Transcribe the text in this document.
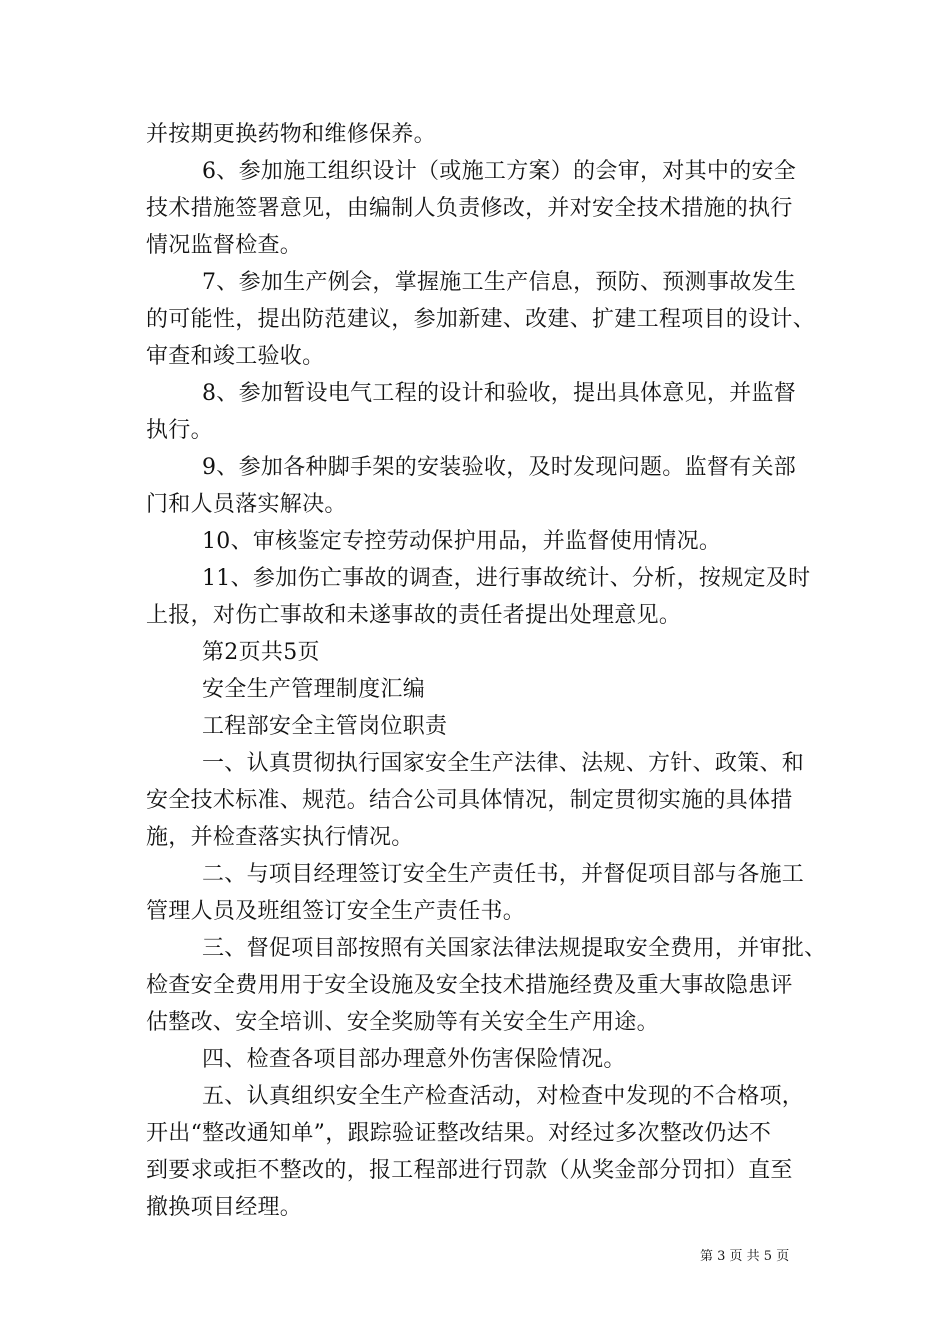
并按期更换药物和维修保养。
6、参加施工组织设计（或施工方案）的会审，对其中的安全
技术措施签署意见，由编制人负责修改，并对安全技术措施的执行
情况监督检查。
7、参加生产例会，掌握施工生产信息，预防、预测事故发生
的可能性，提出防范建议，参加新建、改建、扩建工程项目的设计、
审查和竣工验收。
8、参加暂设电气工程的设计和验收，提出具体意见，并监督
执行。
9、参加各种脚手架的安装验收，及时发现问题。监督有关部
门和人员落实解决。
10、审核鉴定专控劳动保护用品，并监督使用情况。
11、参加伤亡事故的调查，进行事故统计、分析，按规定及时
上报，对伤亡事故和未遂事故的责任者提出处理意见。
第2页共5页
安全生产管理制度汇编
工程部安全主管岗位职责
一、认真贯彻执行国家安全生产法律、法规、方针、政策、和
安全技术标准、规范。结合公司具体情况，制定贯彻实施的具体措
施，并检查落实执行情况。
二、与项目经理签订安全生产责任书，并督促项目部与各施工
管理人员及班组签订安全生产责任书。
三、督促项目部按照有关国家法律法规提取安全费用，并审批、
检查安全费用用于安全设施及安全技术措施经费及重大事故隐患评
估整改、安全培训、安全奖励等有关安全生产用途。
四、检查各项目部办理意外伤害保险情况。
五、认真组织安全生产检查活动，对检查中发现的不合格项，
开出“整改通知单”，跟踪验证整改结果。对经过多次整改仍达不
到要求或拒不整改的，报工程部进行罚款（从奖金部分罚扣）直至
撤换项目经理。
第 3 页 共 5 页
